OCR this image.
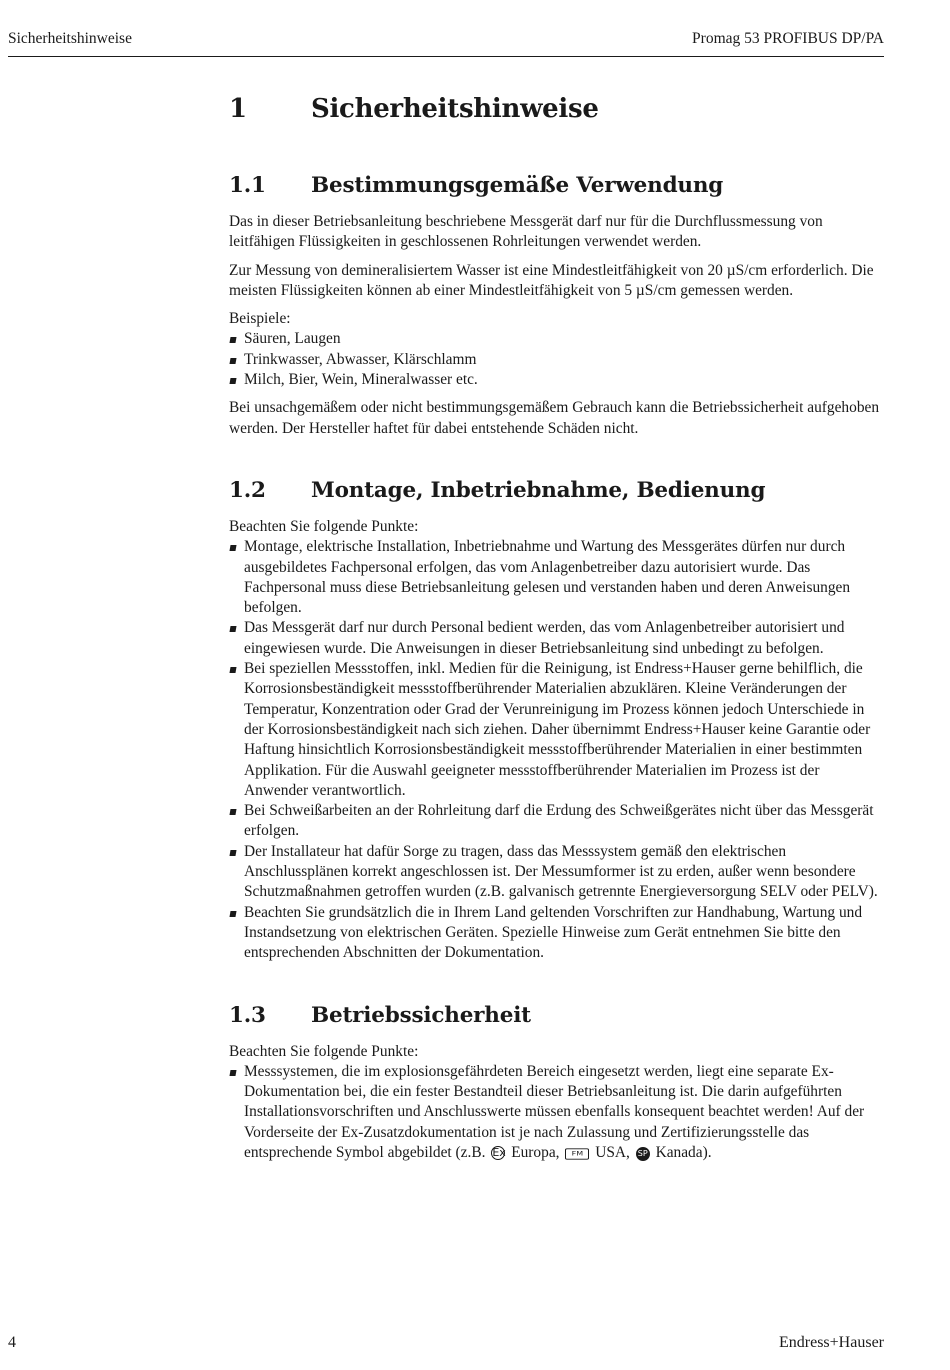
Sicherheitshinweise	Promag 53 PROFIBUS DP/PA
1 Sicherheitshinweise
1.1 Bestimmungsgemäße Verwendung

Das in dieser Betriebsanleitung beschriebene Messgerät darf nur für die Durchflussmessung von leitfähigen Flüssigkeiten in geschlossenen Rohrleitungen verwendet werden.

Zur Messung von demineralisiertem Wasser ist eine Mindestleitfähigkeit von 20 µS/cm erforderlich. Die meisten Flüssigkeiten können ab einer Mindestleitfähigkeit von 5 µS/cm gemessen werden.

Beispiele:
Säuren, Laugen
Trinkwasser, Abwasser, Klärschlamm
Milch, Bier, Wein, Mineralwasser etc.

Bei unsachgemäßem oder nicht bestimmungsgemäßem Gebrauch kann die Betriebssicherheit aufgehoben werden. Der Hersteller haftet für dabei entstehende Schäden nicht.

1.2 Montage, Inbetriebnahme, Bedienung
Beachten Sie folgende Punkte:
Montage, elektrische Installation, Inbetriebnahme und Wartung des Messgerätes dürfen nur durch ausgebildetes Fachpersonal erfolgen, das vom Anlagenbetreiber dazu autorisiert wurde. Das Fachpersonal muss diese Betriebsanleitung gelesen und verstanden haben und deren Anweisungen befolgen.
Das Messgerät darf nur durch Personal bedient werden, das vom Anlagenbetreiber autorisiert und eingewiesen wurde. Die Anweisungen in dieser Betriebsanleitung sind unbedingt zu befolgen.
Bei speziellen Messstoffen, inkl. Medien für die Reinigung, ist Endress+Hauser gerne behilflich, die Korrosionsbeständigkeit messstoffberührender Materialien abzuklären. Kleine Veränderungen der Temperatur, Konzentration oder Grad der Verunreinigung im Prozess können jedoch Unterschiede in der Korrosionsbeständigkeit nach sich ziehen. Daher übernimmt Endress+Hauser keine Garantie oder Haftung hinsichtlich Korrosionsbeständigkeit messstoffberührender Materialien in einer bestimmten Applikation. Für die Auswahl geeigneter messstoffberührender Materialien im Prozess ist der Anwender verantwortlich.
Bei Schweißarbeiten an der Rohrleitung darf die Erdung des Schweißgerätes nicht über das Messgerät erfolgen.
Der Installateur hat dafür Sorge zu tragen, dass das Messsystem gemäß den elektrischen Anschlussplänen korrekt angeschlossen ist. Der Messumformer ist zu erden, außer wenn besondere Schutzmaßnahmen getroffen wurden (z.B. galvanisch getrennte Energieversorgung SELV oder PELV).
Beachten Sie grundsätzlich die in Ihrem Land geltenden Vorschriften zur Handhabung, Wartung und Instandsetzung von elektrischen Geräten. Spezielle Hinweise zum Gerät entnehmen Sie bitte den entsprechenden Abschnitten der Dokumentation.
1.3 Betriebssicherheit
Beachten Sie folgende Punkte:
Messsystemen, die im explosionsgefährdeten Bereich eingesetzt werden, liegt eine separate Ex-Dokumentation bei, die ein fester Bestandteil dieser Betriebsanleitung ist. Die darin aufgeführten Installationsvorschriften und Anschlusswerte müssen ebenfalls konsequent beachtet werden! Auf der Vorderseite der Ex-Zusatzdokumentation ist je nach Zulassung und Zertifizierungsstelle das entsprechende Symbol abgebildet (z.B. Ex Europa, FM USA, SP Kanada).
4	Endress+Hauser
